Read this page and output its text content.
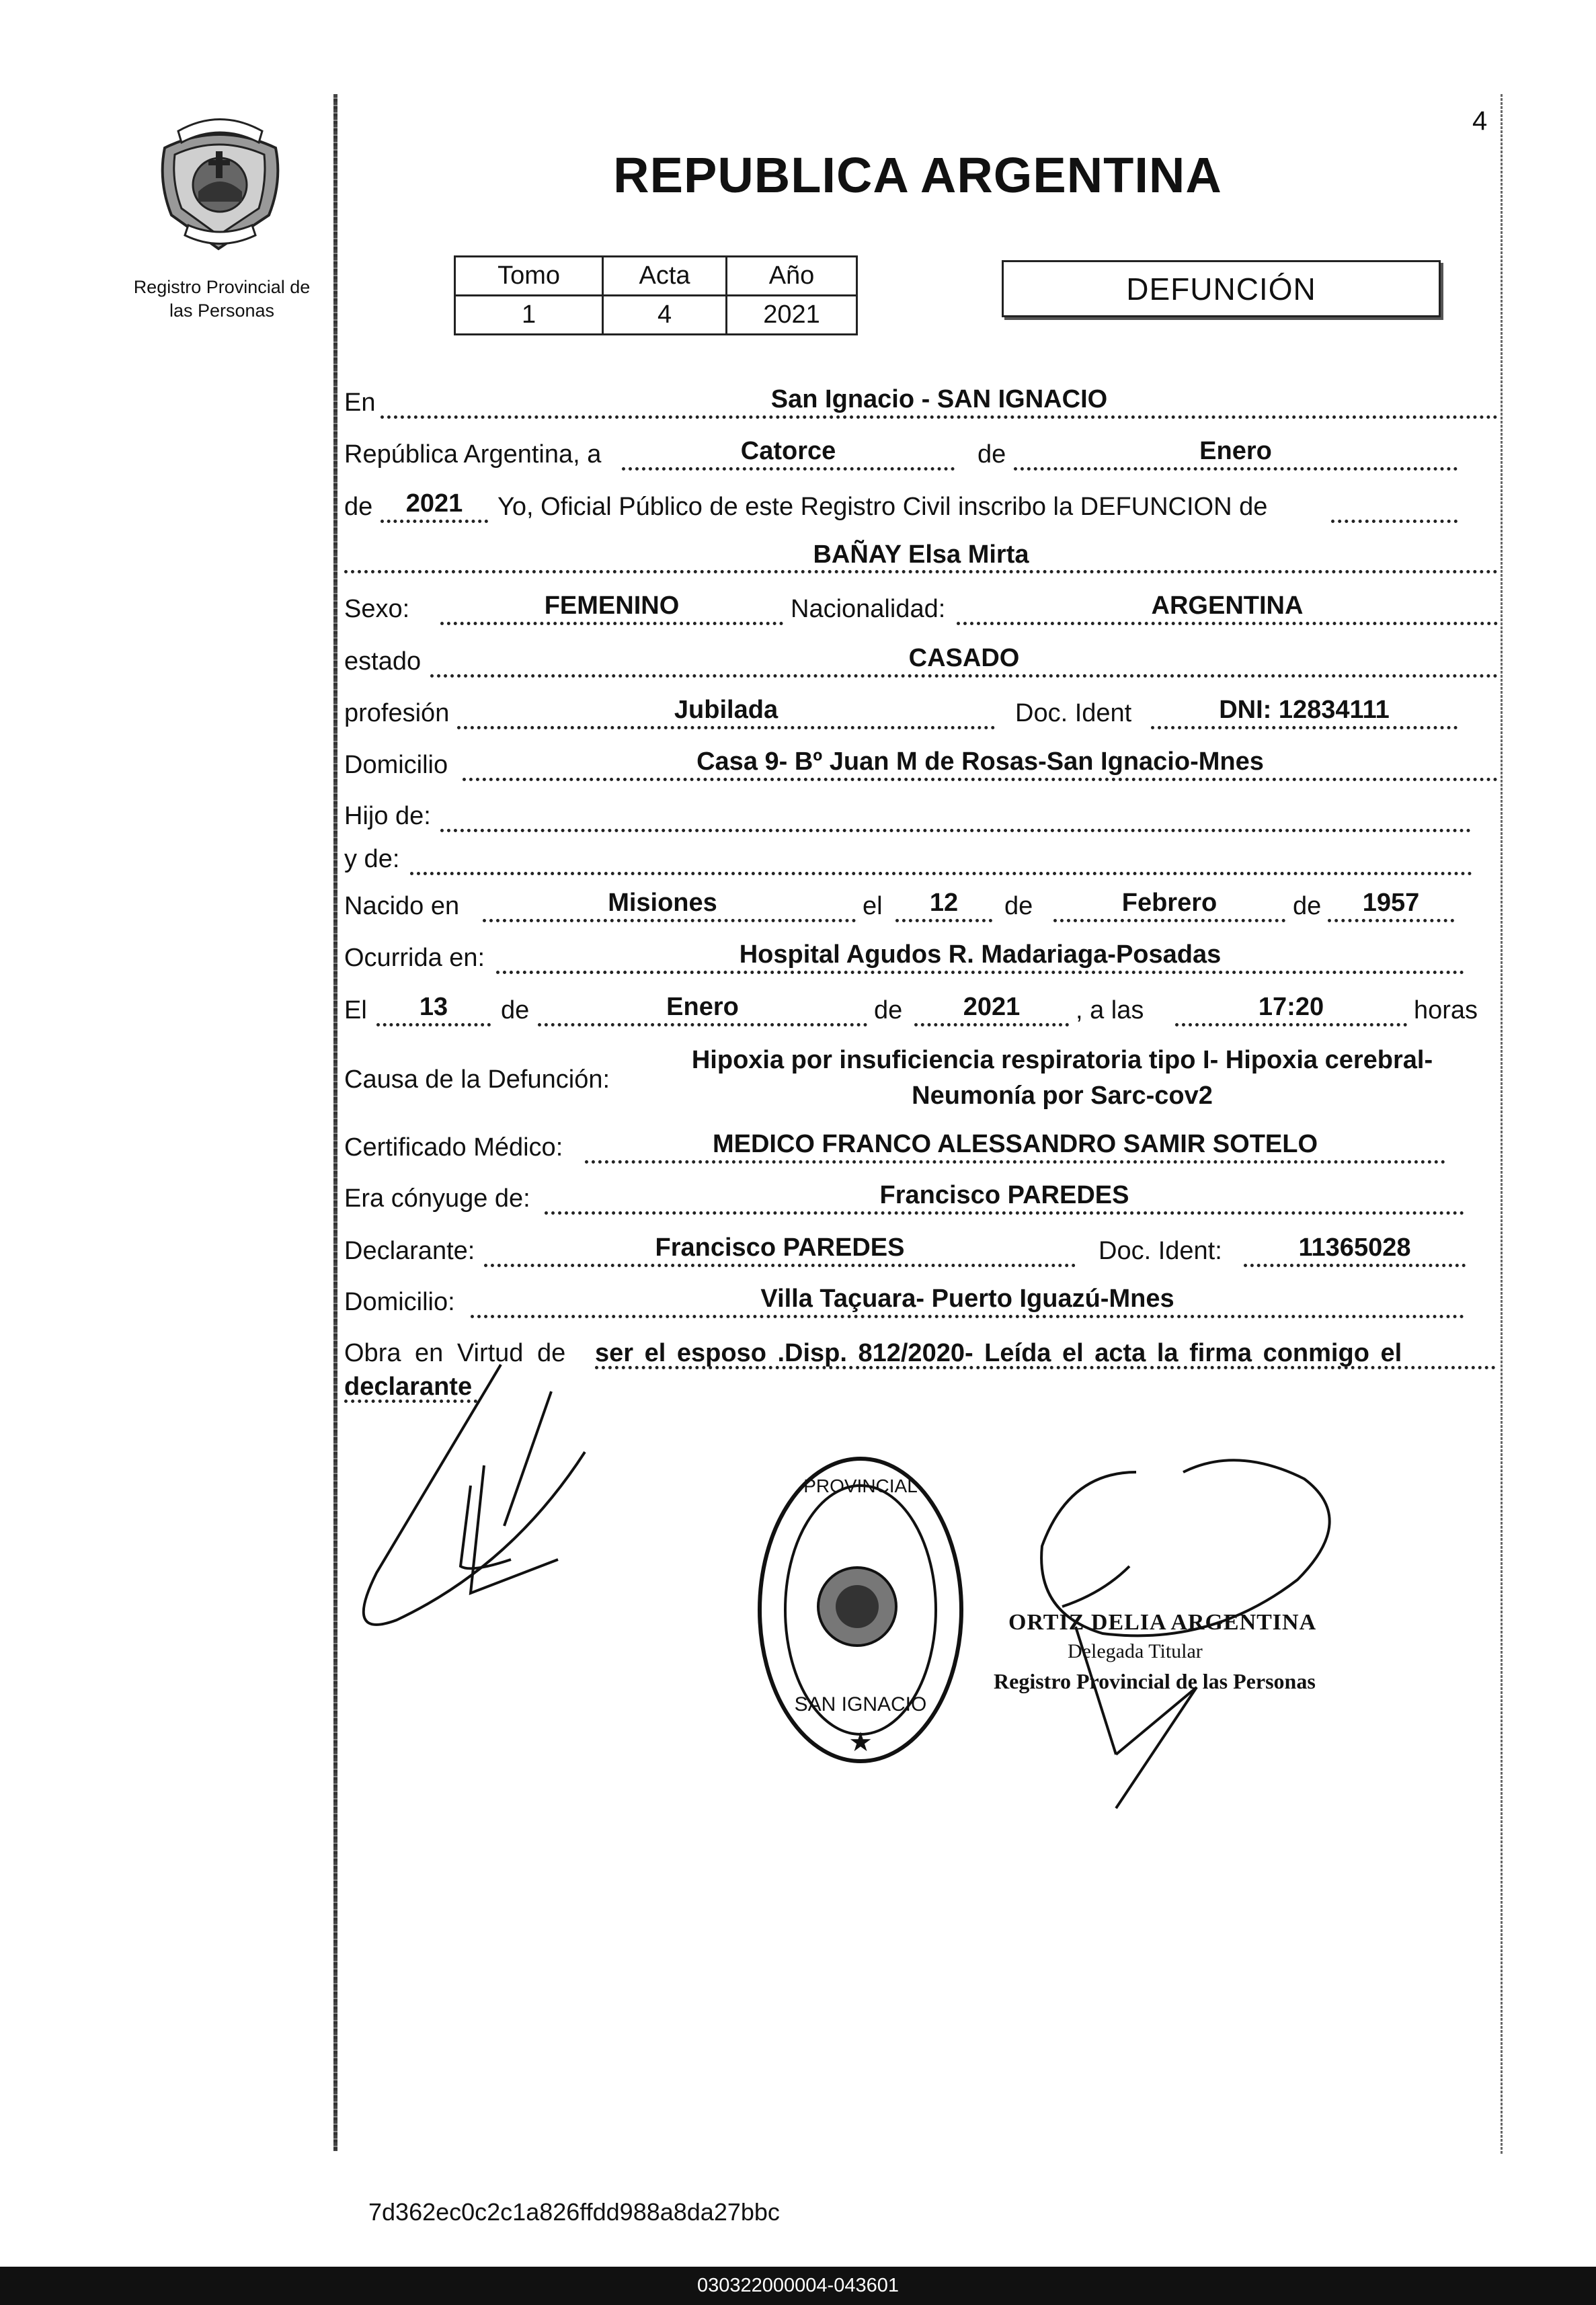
4
Registro Provincial de
las Personas
REPUBLICA ARGENTINA
Tomo	Acta	Año
1	4	2021
DEFUNCIÓN
En	San Ignacio - SAN IGNACIO
República Argentina, a	Catorce	de	Enero
de	2021	Yo, Oficial Público de este Registro Civil inscribo la DEFUNCION de
BAÑAY Elsa Mirta
Sexo:	FEMENINO	Nacionalidad:	ARGENTINA
estado	CASADO
profesión	Jubilada	Doc. Ident	DNI: 12834111
Domicilio	Casa 9- Bº Juan M de Rosas-San Ignacio-Mnes
Hijo de:
y de:
Nacido en	Misiones	el	12	de	Febrero	de	1957
Ocurrida en:	Hospital Agudos R. Madariaga-Posadas
El	13	de	Enero	de	2021	, a las	17:20	horas
Causa de la Defunción:
Hipoxia por insuficiencia respiratoria tipo I- Hipoxia cerebral-
Neumonía por Sarc-cov2
Certificado Médico:	MEDICO FRANCO ALESSANDRO SAMIR SOTELO
Era cónyuge de:	Francisco PAREDES
Declarante:	Francisco PAREDES	Doc. Ident:	11365028
Domicilio:	Villa Taçuara- Puerto Iguazú-Mnes
Obra en Virtud de ser el esposo .Disp. 812/2020- Leída el acta la firma conmigo el
declarante
PROVINCIAL
SAN IGNACIO
★
ORTIZ DELIA ARGENTINA
Delegada Titular
Registro Provincial de las Personas
7d362ec0c2c1a826ffdd988a8da27bbc
030322000004-043601
